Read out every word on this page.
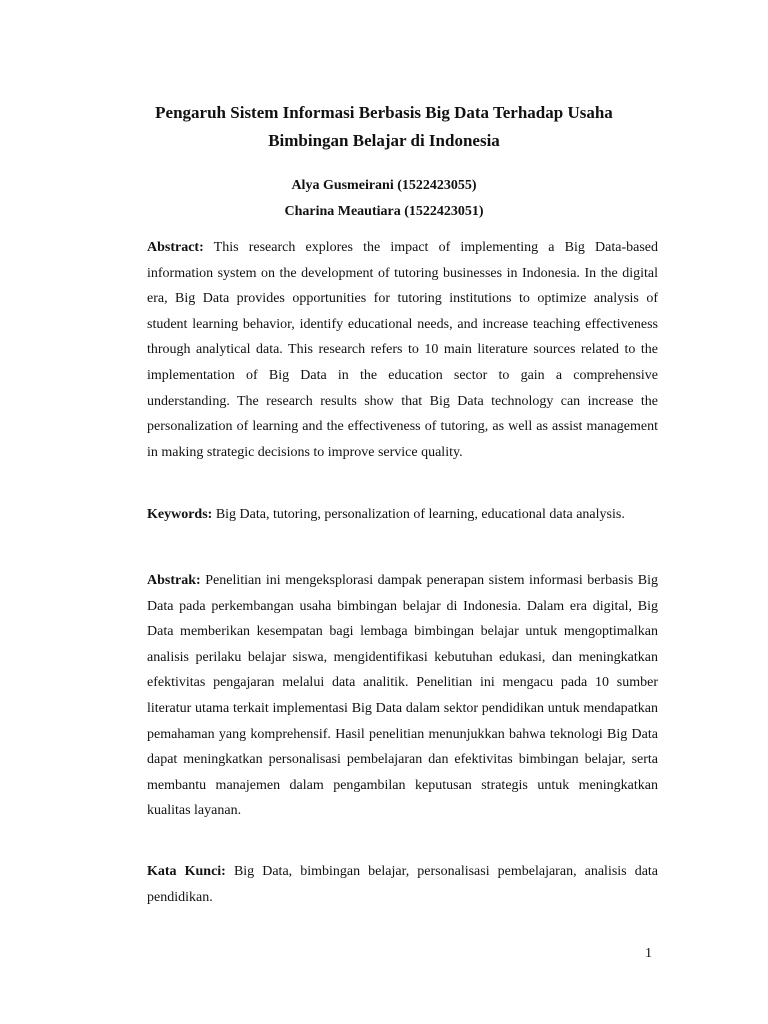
Pengaruh Sistem Informasi Berbasis Big Data Terhadap Usaha
Bimbingan Belajar di Indonesia
Alya Gusmeirani (1522423055)
Charina Meautiara (1522423051)

Abstract: This research explores the impact of implementing a Big Data-based information system on the development of tutoring businesses in Indonesia. In the digital era, Big Data provides opportunities for tutoring institutions to optimize analysis of student learning behavior, identify educational needs, and increase teaching effectiveness through analytical data. This research refers to 10 main literature sources related to the implementation of Big Data in the education sector to gain a comprehensive understanding. The research results show that Big Data technology can increase the personalization of learning and the effectiveness of tutoring, as well as assist management in making strategic decisions to improve service quality.

Keywords: Big Data, tutoring, personalization of learning, educational data analysis.

Abstrak: Penelitian ini mengeksplorasi dampak penerapan sistem informasi berbasis Big Data pada perkembangan usaha bimbingan belajar di Indonesia. Dalam era digital, Big Data memberikan kesempatan bagi lembaga bimbingan belajar untuk mengoptimalkan analisis perilaku belajar siswa, mengidentifikasi kebutuhan edukasi, dan meningkatkan efektivitas pengajaran melalui data analitik. Penelitian ini mengacu pada 10 sumber literatur utama terkait implementasi Big Data dalam sektor pendidikan untuk mendapatkan pemahaman yang komprehensif. Hasil penelitian menunjukkan bahwa teknologi Big Data dapat meningkatkan personalisasi pembelajaran dan efektivitas bimbingan belajar, serta membantu manajemen dalam pengambilan keputusan strategis untuk meningkatkan kualitas layanan.

Kata Kunci: Big Data, bimbingan belajar, personalisasi pembelajaran, analisis data pendidikan.

1
